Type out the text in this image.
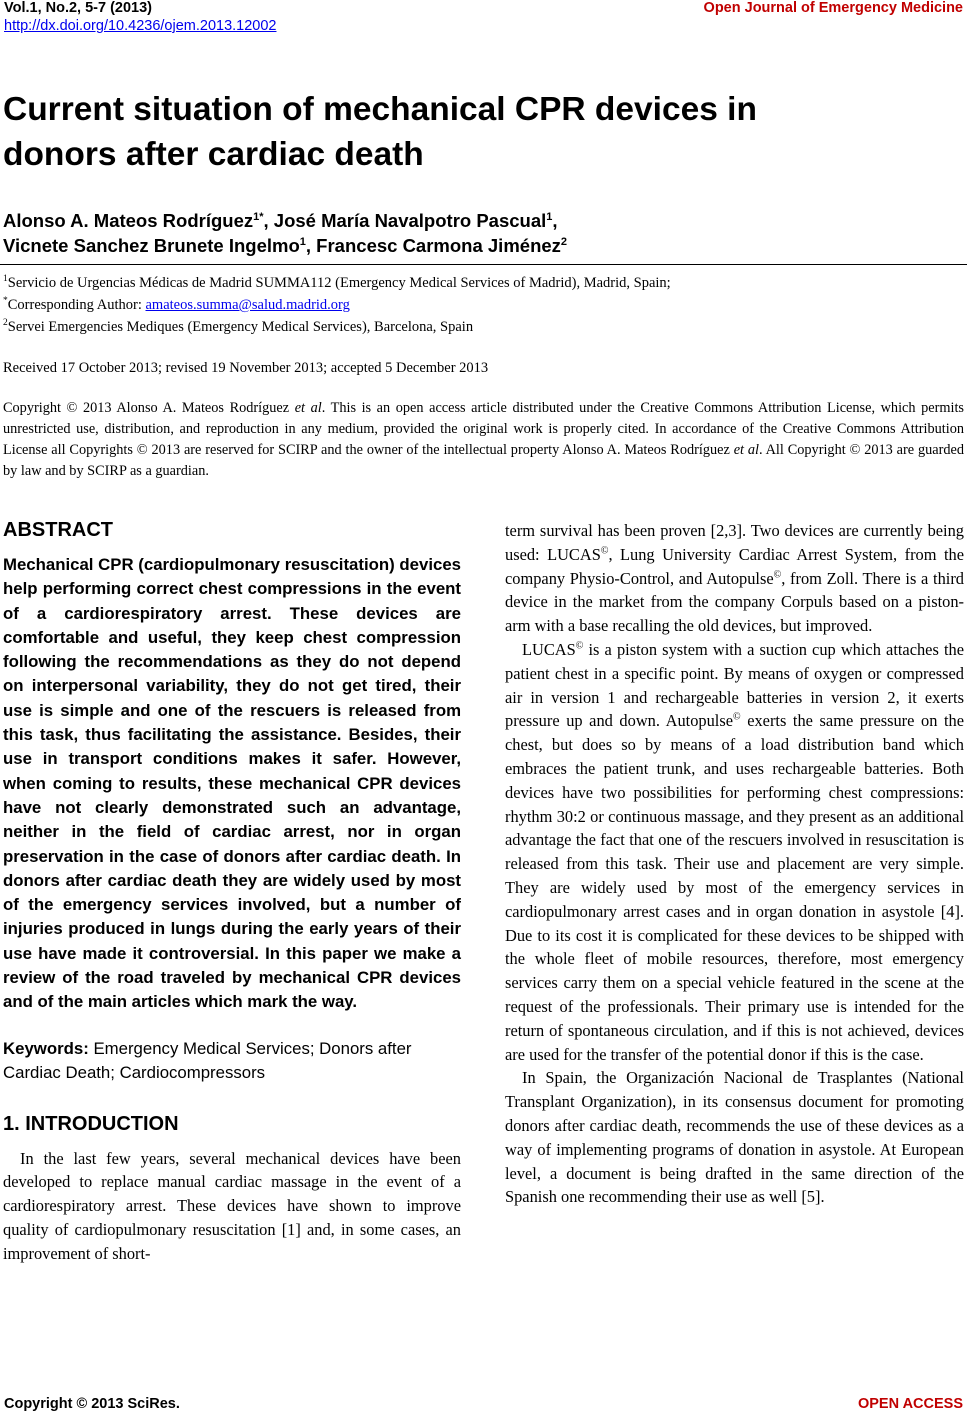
Vol.1, No.2, 5-7 (2013)
http://dx.doi.org/10.4236/ojem.2013.12002
Open Journal of Emergency Medicine
Current situation of mechanical CPR devices in
donors after cardiac death
Alonso A. Mateos Rodríguez$^{1*}$, José María Navalpotro Pascual$^1$,
Vicnete Sanchez Brunete Ingelmo$^1$, Francesc Carmona Jiménez$^2$
$^1$Servicio de Urgencias Médicas de Madrid SUMMA112 (Emergency Medical Services of Madrid), Madrid, Spain;
*Corresponding Author: amateos.summa@salud.madrid.org
$^2$Servei Emergencies Mediques (Emergency Medical Services), Barcelona, Spain
Received 17 October 2013; revised 19 November 2013; accepted 5 December 2013
Copyright © 2013 Alonso A. Mateos Rodríguez et al. This is an open access article distributed under the Creative Commons Attribution License, which permits unrestricted use, distribution, and reproduction in any medium, provided the original work is properly cited. In accordance of the Creative Commons Attribution License all Copyrights © 2013 are reserved for SCIRP and the owner of the intellectual property Alonso A. Mateos Rodríguez et al. All Copyright © 2013 are guarded by law and by SCIRP as a guardian.
ABSTRACT

Mechanical CPR (cardiopulmonary resuscitation) devices help performing correct chest compressions in the event of a cardiorespiratory arrest. These devices are comfortable and useful, they keep chest compression following the recommendations as they do not depend on interpersonal variability, they do not get tired, their use is simple and one of the rescuers is released from this task, thus facilitating the assistance. Besides, their use in transport conditions makes it safer. However, when coming to results, these mechanical CPR devices have not clearly demonstrated such an advantage, neither in the field of cardiac arrest, nor in organ preservation in the case of donors after cardiac death. In donors after cardiac death they are widely used by most of the emergency services involved, but a number of injuries produced in lungs during the early years of their use have made it controversial. In this paper we make a review of the road traveled by mechanical CPR devices and of the main articles which mark the way.

Keywords: Emergency Medical Services; Donors after Cardiac Death; Cardiocompressors

1. INTRODUCTION

In the last few years, several mechanical devices have been developed to replace manual cardiac massage in the event of a cardiorespiratory arrest. These devices have shown to improve quality of cardiopulmonary resuscitation [1] and, in some cases, an improvement of short-

term survival has been proven [2,3]. Two devices are currently being used: LUCAS©, Lung University Cardiac Arrest System, from the company Physio-Control, and Autopulse©, from Zoll. There is a third device in the market from the company Corpuls based on a piston-arm with a base recalling the old devices, but improved.

LUCAS© is a piston system with a suction cup which attaches the patient chest in a specific point. By means of oxygen or compressed air in version 1 and rechargeable batteries in version 2, it exerts pressure up and down. Autopulse© exerts the same pressure on the chest, but does so by means of a load distribution band which embraces the patient trunk, and uses rechargeable batteries. Both devices have two possibilities for performing chest compressions: rhythm 30:2 or continuous massage, and they present as an additional advantage the fact that one of the rescuers involved in resuscitation is released from this task. Their use and placement are very simple. They are widely used by most of the emergency services in cardiopulmonary arrest cases and in organ donation in asystole [4]. Due to its cost it is complicated for these devices to be shipped with the whole fleet of mobile resources, therefore, most emergency services carry them on a special vehicle featured in the scene at the request of the professionals. Their primary use is intended for the return of spontaneous circulation, and if this is not achieved, devices are used for the transfer of the potential donor if this is the case.

In Spain, the Organización Nacional de Trasplantes (National Transplant Organization), in its consensus document for promoting donors after cardiac death, recommends the use of these devices as a way of implementing programs of donation in asystole. At European level, a document is being drafted in the same direction of the Spanish one recommending their use as well [5].

Copyright © 2013 SciRes.	OPEN ACCESS
